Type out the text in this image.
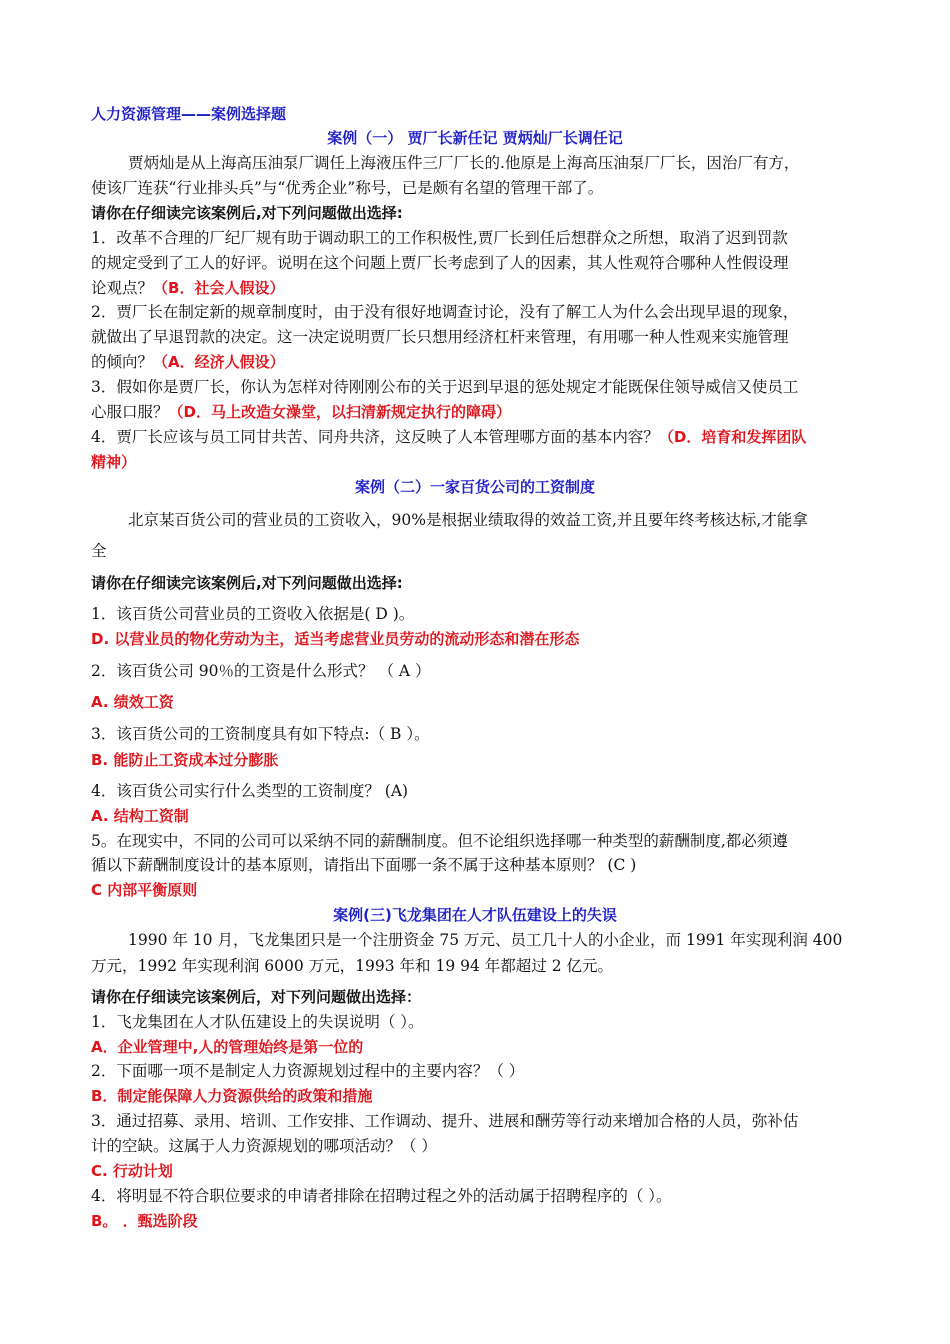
人力资源管理——案例选择题
案例（一） 贾厂长新任记 贾炳灿厂长调任记
贾炳灿是从上海高压油泵厂调任上海液压件三厂厂长的.他原是上海高压油泵厂厂长，因治厂有方，
使该厂连获“行业排头兵”与“优秀企业”称号，已是颇有名望的管理干部了。
请你在仔细读完该案例后,对下列问题做出选择:
1．改革不合理的厂纪厂规有助于调动职工的工作积极性,贾厂长到任后想群众之所想，取消了迟到罚款
的规定受到了工人的好评。说明在这个问题上贾厂长考虑到了人的因素，其人性观符合哪种人性假设理
论观点？（B．社会人假设）
2．贾厂长在制定新的规章制度时，由于没有很好地调查讨论，没有了解工人为什么会出现早退的现象，
就做出了早退罚款的决定。这一决定说明贾厂长只想用经济杠杆来管理，有用哪一种人性观来实施管理
的倾向？（A．经济人假设）
3．假如你是贾厂长，你认为怎样对待刚刚公布的关于迟到早退的惩处规定才能既保住领导威信又使员工
心服口服？（D．马上改造女澡堂，以扫清新规定执行的障碍）
4．贾厂长应该与员工同甘共苦、同舟共济，这反映了人本管理哪方面的基本内容？（D．培育和发挥团队
精神）
案例（二）一家百货公司的工资制度
北京某百货公司的营业员的工资收入，90%是根据业绩取得的效益工资,并且要年终考核达标,才能拿
全
请你在仔细读完该案例后,对下列问题做出选择:
1．该百货公司营业员的工资收入依据是( D )。
D. 以营业员的物化劳动为主，适当考虑营业员劳动的流动形态和潜在形态
2．该百货公司 90％的工资是什么形式？ （ A ）
A. 绩效工资
3．该百货公司的工资制度具有如下特点:（ B ）。
B. 能防止工资成本过分膨胀
4．该百货公司实行什么类型的工资制度？ (A)
A. 结构工资制
5。在现实中，不同的公司可以采纳不同的薪酬制度。但不论组织选择哪一种类型的薪酬制度,都必须遵
循以下薪酬制度设计的基本原则，请指出下面哪一条不属于这种基本原则？ (C )
C 内部平衡原则
案例(三)飞龙集团在人才队伍建设上的失误
1990 年 10 月，飞龙集团只是一个注册资金 75 万元、员工几十人的小企业，而 1991 年实现利润 400
万元，1992 年实现利润 6000 万元，1993 年和 19 94 年都超过 2 亿元。
请你在仔细读完该案例后，对下列问题做出选择：
1．飞龙集团在人才队伍建设上的失误说明（ ）。
A．企业管理中,人的管理始终是第一位的
2．下面哪一项不是制定人力资源规划过程中的主要内容？（ ）
B．制定能保障人力资源供给的政策和措施
3．通过招募、录用、培训、工作安排、工作调动、提升、进展和酬劳等行动来增加合格的人员，弥补估
计的空缺。这属于人力资源规划的哪项活动？（ ）
C. 行动计划
4．将明显不符合职位要求的申请者排除在招聘过程之外的活动属于招聘程序的（ ）。
B。 ．甄选阶段
